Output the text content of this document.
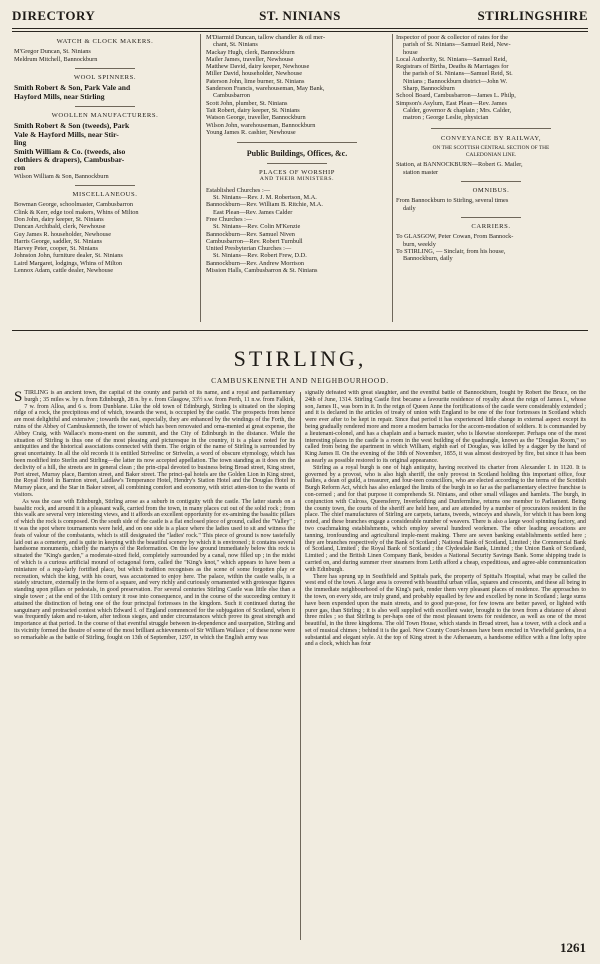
DIRECTORY	ST. NINIANS	STIRLINGSHIRE
WATCH & CLOCK MAKERS.
M'Gregor Duncan, St. Ninians
Meldrum Mitchell, Bannockburn
WOOL SPINNERS.
Smith Robert & Son, Park Vale and
Hayford Mills, near Stirling
WOOLLEN MANUFACTURERS.
Smith Robert & Son (tweeds), Park
Vale & Hayford Mills, near Stir-
ling
Smith William & Co. (tweeds, also
clothiers & drapers), Cambusbar-
ron
Wilson William & Son, Bannockburn
MISCELLANEOUS.
Bowman George, schoolmaster, Cambusbarron
Clink & Kerr, edge tool makers, Whins of Milton
Don John, dairy keeper, St. Ninians
Duncan Archibald, clerk, Newhouse
Guy James R. householder, Newhouse
Harris George, saddler, St. Ninians
Harvey Peter, cooper, St. Ninians
Johnston John, furniture dealer, St. Ninians
Laird Margaret, lodgings, Whins of Milton
Lennox Adam, cattle dealer, Newhouse
M'Diarmid Duncan, tallow chandler & oil mer-
chant, St. Ninians
Mackay Hugh, clerk, Bannockburn
Mailer James, traveller, Newhouse
Matthew David, dairy keeper, Newhouse
Miller David, householder, Newhouse
Paterson John, lime burner, St. Ninians
Sanderson Francis, warehouseman, May Bank,
Cambusbarron
Scott John, plumber, St. Ninians
Tait Robert, dairy keeper, St. Ninians
Watson George, traveller, Bannockburn
Wilson John, warehouseman, Bannockburn
Young James R. cashier, Newhouse
Public Buildings, Offices, &c.
PLACES OF WORSHIP
AND THEIR MINISTERS.
Established Churches :—
St. Ninians—Rev. J. M. Robertson, M.A.
Bannockburn—Rev. William B. Ritchie, M.A.
East Plean—Rev. James Calder
Free Churches :—
St. Ninians—Rev. Colin M'Kenzie
Bannockburn—Rev. Samuel Niven
Cambusbarron—Rev. Robert Turnbull
United Presbyterian Churches :—
St. Ninians—Rev. Robert Frew, D.D.
Bannockburn—Rev. Andrew Morrison
Mission Halls, Cambusbarron & St. Ninians
Inspector of poor & collector of rates for the
parish of St. Ninians—Samuel Reid, New-
house
Local Authority, St. Ninians—Samuel Reid,
Registrars of Births, Deaths & Marriages for
the parish of St. Ninians—Samuel Reid, St.
Ninians ; Bannockburn district—John W.
Sharp, Bannockburn
School Board, Cambusbarron—James L. Philp,
Simpson's Asylum, East Plean—Rev. James
Calder, governor & chaplain ; Mrs. Calder,
matron ; George Leslie, physician
CONVEYANCE BY RAILWAY,
ON THE SCOTTISH CENTRAL SECTION OF THE
CALEDONIAN LINE.
Station, at BANNOCKBURN—Robert G. Mailer,
station master
OMNIBUS.
From Bannockburn to Stirling, several times
daily
CARRIERS.
To GLASGOW, Peter Cowan, From Bannock-
burn, weekly
To STIRLING, — Sinclair, from his house,
Bannockburn, daily
STIRLING,
CAMBUSKENNETH AND NEIGHBOURHOOD.

STIRLING is an ancient town, the capital of the county and parish of its name, and a royal and parliamentary burgh ; 35 miles w. by n. from Edinburgh, 28 n. by e. from Glasgow, 33½ s.w. from Perth, 11 n.w. from Falkirk, 7 w. from Alloa, and 6 s. from Dunblane. Like the old town of Edinburgh, Stirling is situated on the sloping ridge of a rock, the precipitous end of which, towards the west, is occupied by the castle. The prospects from hence are most delightful and extensive ; towards the east, especially, they are enhanced by the windings of the Forth, the ruins of the Abbey of Cambuskenneth, the tower of which has been renovated and orna-mented at great expense, the Abbey Craig, with Wallace's monu-ment on the summit, and the City of Edinburgh in the distance. While the situation of Stirling is thus one of the most pleasing and picturesque in the country, it is a place noted for its antiquities and the historical associations connected with them. The origin of the name of Stirling is surrounded by great uncertainty. In all the old records it is entitled Strivelinc or Strivelin, a word of obscure etymology, which has been modified into Sterlin and Stirling—the latter its now accepted appellation. The town standing as it does on the declivity of a hill, the streets are in general clean ; the prin-cipal devoted to business being Broad street, King street, Port street, Murray place, Barnton street, and Baker street. The princi-pal hotels are the Golden Lion in King street, the Royal Hotel in Barnton street, Laidlaw's Temperance Hotel, Hendry's Station Hotel and the Douglas Hotel in Murray place, and the Star in Baker street, all combining comfort and economy, with strict atten-tion to the wants of visitors.

As was the case with Edinburgh, Stirling arose as a suburb in contiguity with the castle. The latter stands on a basaltic rock, and around it is a pleasant walk, carried from the town, in many places cut out of the solid rock ; from this walk are several very interesting views, and it affords an excellent opportunity for ex-amining the basaltic pillars of which the rock is composed. On the south side of the castle is a flat enclosed piece of ground, called the "Valley" ; it was the spot where tournaments were held, and on one side is a place where the ladies used to sit and witness the feats of valour of the combatants, which is still designated the "ladies' rock." This piece of ground is now tastefully laid out as a cemetery, and is quite in keeping with the beautiful scenery by which it is environed ; it contains several handsome monuments, chiefly the martyrs of the Reformation. On the low ground immediately below this rock is situated the "King's garden," a moderate-sized field, completely surrounded by a canal, now filled up ; in the midst of which is a curious artificial mound of octagonal form, called the "King's knot," which appears to have been a miniature of a regu-larly fortified place, but which tradition recognises as the scene of some forgotten play or recreation, which the king, with his court, was accustomed to enjoy here. The palace, within the castle walls, is a stately structure, externally in the form of a square, and very richly and curiously ornamented with grotesque figures standing upon pillars or pedestals, in good preservation. For several centuries Stirling Castle was little else than a single tower ; at the end of the 11th century it rose into consequence, and in the course of the succeeding century it attained the distinction of being one of the four principal fortresses in the kingdom. Such it continued during the sanguinary and protracted contest which Edward I. of England commenced for the subjugation of Scotland, when it was frequently taken and re-taken, after tedious sieges, and under circumstances which prove its great strength and importance at that period. In the course of that eventful struggle between in-dependence and usurpation, Stirling and its vicinity formed the theatre of some of the most brilliant achievements of Sir William Wallace ; of these none were so remarkable as the battle of Stirling, fought on 13th of September, 1297, in which the English army was

signally defeated with great slaughter, and the eventful battle of Bannockburn, fought by Robert the Bruce, on the 24th of June, 1314. Stirling Castle first became a favourite residence of royalty about the reign of James I., whose son, James II., was born in it. In the reign of Queen Anne the fortifications of the castle were considerably extended ; and it is declared in the articles of treaty of union with England to be one of the four fortresses in Scotland which were ever after to be kept in repair. Since that period it has experienced little change in external aspect except its being gradually rendered more and more a modern barracks for the accom-modation of soldiers. It is commanded by a lieutenant-colonel, and has a chaplain and a barrack master, who is likewise storekeeper. Perhaps one of the most interesting places in the castle is a room in the west building of the quadrangle, known as the "Douglas Room," so called from being the apartment in which William, eighth earl of Douglas, was killed by a dagger by the hand of King James II. On the evening of the 18th of November, 1855, it was almost destroyed by fire, but since it has been as nearly as possible restored to its original appearance.

Stirling as a royal burgh is one of high antiquity, having received its charter from Alexander I. in 1120. It is governed by a provost, who is also high sheriff, the only provost in Scotland holding this important office, four bailies, a dean of guild, a treasurer, and four-teen councillors, who are elected according to the terms of the Scottish Burgh Reform Act, which has also enlarged the limits of the burgh in so far as the parliamentary elective franchise is con-cerned ; and for that purpose it comprehends St. Ninians, and other small villages and hamlets. The burgh, in conjunction with Culross, Queensferry, Inverkeithing and Dunfermline, returns one member to Parliament. Being the county town, the courts of the sheriff are held here, and are attended by a number of procurators resident in the place. The chief manufactures of Stirling are carpets, tartans, tweeds, winceys and shawls, for which it has been long noted, and these branches engage a considerable number of weavers. There is also a large wool spinning factory, and two coachmaking establishments, which employ several hundred workmen. The other leading avocations are tanning, ironfounding and agricultural imple-ment making. There are seven banking establishments settled here ; they are branches respectively of the Bank of Scotland ; National Bank of Scotland, Limited ; the Commercial Bank of Scotland, Limited ; the Royal Bank of Scotland ; the Clydesdale Bank, Limited ; the Union Bank of Scotland, Limited ; and the British Linen Company Bank, besides a National Security Savings Bank. Some shipping trade is carried on, and during summer river steamers from Leith afford a cheap, expeditious, and agree-able communication with Edinburgh.

There has sprung up in Southfield and Spittals park, the property of Spittal's Hospital, what may be called the west end of the town. A large area is covered with beautiful urban villas, squares and crescents, and these all being in the immediate neighbourhood of the King's park, render them very pleasant places of residence. The approaches to the town, on every side, are truly grand, and probably equalled by few and excelled by none in Scotland ; large sums have been expended upon the main streets, and to good pur-pose, for few towns are better paved, or lighted with purer gas, than Stirling ; it is also well supplied with excellent water, brought to the town from a distance of about three miles ; so that Stirling is per-haps one of the most pleasant towns for residence, as well as one of the most beautiful, in the three kingdoms. The old Town House, which stands in Broad street, has a tower, with a clock and a set of musical chimes ; behind it is the gaol. New County Court-houses have been erected in Viewfield gardens, in a substantial and elegant style. At the top of King street is the Athenaeum, a handsome edifice with a fine lofty spire and a clock, which has four

1261
